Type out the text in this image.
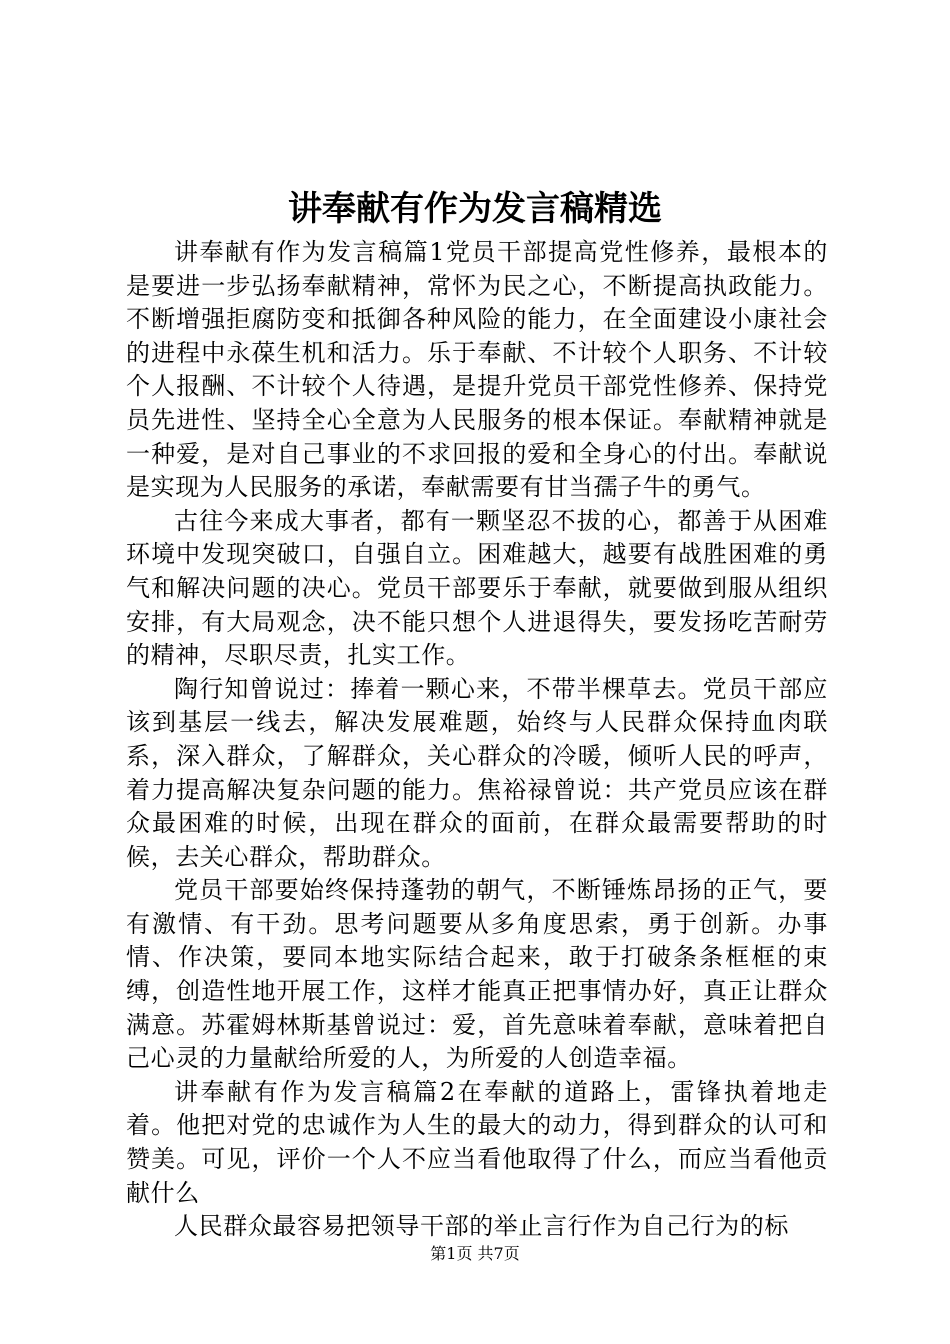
讲奉献有作为发言稿精选

讲奉献有作为发言稿篇1党员干部提高党性修养，最根本的是要进一步弘扬奉献精神，常怀为民之心，不断提高执政能力。不断增强拒腐防变和抵御各种风险的能力，在全面建设小康社会的进程中永葆生机和活力。乐于奉献、不计较个人职务、不计较个人报酬、不计较个人待遇，是提升党员干部党性修养、保持党员先进性、坚持全心全意为人民服务的根本保证。奉献精神就是一种爱，是对自己事业的不求回报的爱和全身心的付出。奉献说是实现为人民服务的承诺，奉献需要有甘当孺子牛的勇气。

古往今来成大事者，都有一颗坚忍不拔的心，都善于从困难环境中发现突破口，自强自立。困难越大，越要有战胜困难的勇气和解决问题的决心。党员干部要乐于奉献，就要做到服从组织安排，有大局观念，决不能只想个人进退得失，要发扬吃苦耐劳的精神，尽职尽责，扎实工作。

陶行知曾说过：捧着一颗心来，不带半棵草去。党员干部应该到基层一线去，解决发展难题，始终与人民群众保持血肉联系，深入群众，了解群众，关心群众的冷暖，倾听人民的呼声，着力提高解决复杂问题的能力。焦裕禄曾说：共产党员应该在群众最困难的时候，出现在群众的面前，在群众最需要帮助的时候，去关心群众，帮助群众。

党员干部要始终保持蓬勃的朝气，不断锤炼昂扬的正气，要有激情、有干劲。思考问题要从多角度思索，勇于创新。办事情、作决策，要同本地实际结合起来，敢于打破条条框框的束缚，创造性地开展工作，这样才能真正把事情办好，真正让群众满意。苏霍姆林斯基曾说过：爱，首先意味着奉献，意味着把自己心灵的力量献给所爱的人，为所爱的人创造幸福。

讲奉献有作为发言稿篇2在奉献的道路上，雷锋执着地走着。他把对党的忠诚作为人生的最大的动力，得到群众的认可和赞美。可见，评价一个人不应当看他取得了什么，而应当看他贡献什么

人民群众最容易把领导干部的举止言行作为自己行为的标

第1页 共7页
